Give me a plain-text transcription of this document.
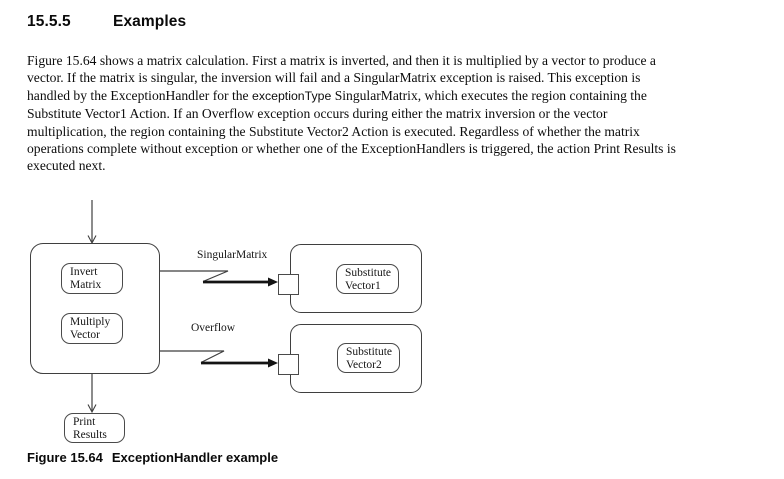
15.5.5	Examples
Figure 15.64 shows a matrix calculation. First a matrix is inverted, and then it is multiplied by a vector to produce a
vector. If the matrix is singular, the inversion will fail and a SingularMatrix exception is raised. This exception is
handled by the ExceptionHandler for the exceptionType SingularMatrix, which executes the region containing the
Substitute Vector1 Action. If an Overflow exception occurs during either the matrix inversion or the vector
multiplication, the region containing the Substitute Vector2 Action is executed. Regardless of whether the matrix
operations complete without exception or whether one of the ExceptionHandlers is triggered, the action Print Results is
executed next.
Invert
Matrix
Multiply
Vector
Print
Results
Substitute
Vector1
Substitute
Vector2
SingularMatrix
Overflow
Figure 15.64 ExceptionHandler example
